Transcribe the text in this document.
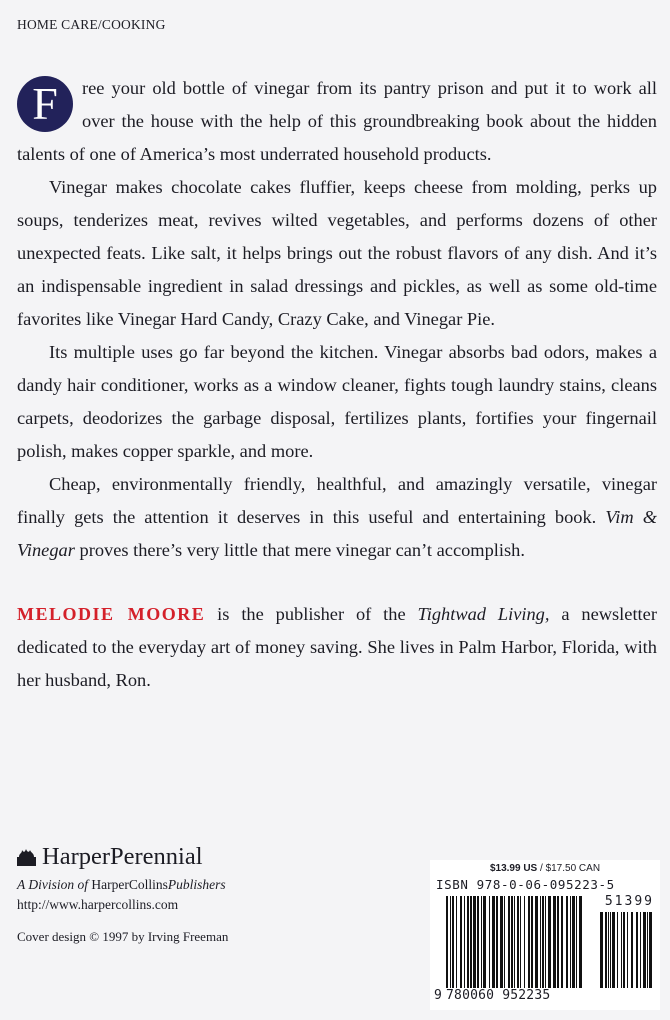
HOME CARE/COOKING

F	ree your old bottle of vinegar from its pantry prison and put it to work all over the house with the help of this groundbreaking book about the hidden talents of one of America’s most underrated household products.

Vinegar makes chocolate cakes fluffier, keeps cheese from molding, perks up soups, tenderizes meat, revives wilted vegetables, and performs dozens of other unexpected feats. Like salt, it helps brings out the robust flavors of any dish. And it’s an indispensable ingredient in salad dressings and pickles, as well as some old-time favorites like Vinegar Hard Candy, Crazy Cake, and Vinegar Pie.

Its multiple uses go far beyond the kitchen. Vinegar absorbs bad odors, makes a dandy hair conditioner, works as a window cleaner, fights tough laundry stains, cleans carpets, deodorizes the garbage disposal, fertilizes plants, fortifies your fingernail polish, makes copper sparkle, and more.

Cheap, environmentally friendly, healthful, and amazingly versatile, vinegar finally gets the attention it deserves in this useful and entertaining book. Vim & Vinegar proves there’s very little that mere vinegar can’t accomplish.

MELODIE MOORE is the publisher of the Tightwad Living, a newsletter dedicated to the everyday art of money saving. She lives in Palm Harbor, Florida, with her husband, Ron.

HarperPerennial
A Division of HarperCollinsPublishers
http://www.harpercollins.com
Cover design © 1997 by Irving Freeman
$13.99 US / $17.50 CAN
ISBN 978-0-06-095223-5
51399
9 780060 952235
